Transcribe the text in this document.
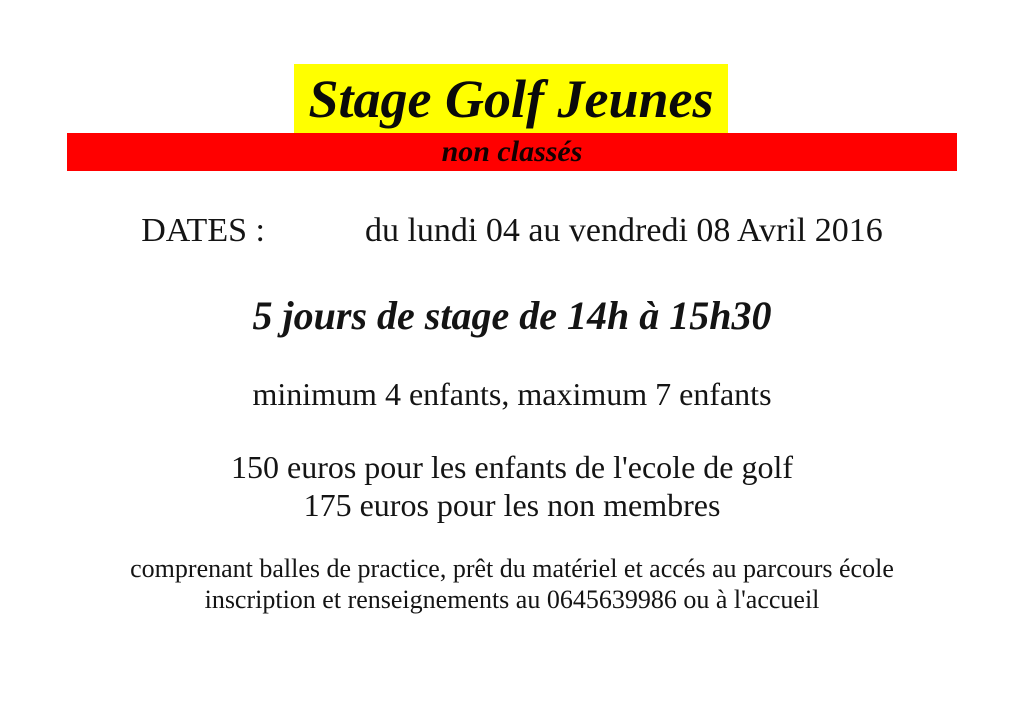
Stage Golf Jeunes
non classés
DATES :	du lundi 04 au vendredi 08 Avril 2016
5 jours de stage de 14h à 15h30
minimum 4 enfants, maximum 7 enfants
150 euros pour les enfants de l'ecole de golf
175 euros pour les non membres
comprenant balles de practice, prêt du matériel et accés au parcours école
inscription et renseignements au 0645639986 ou à l'accueil
